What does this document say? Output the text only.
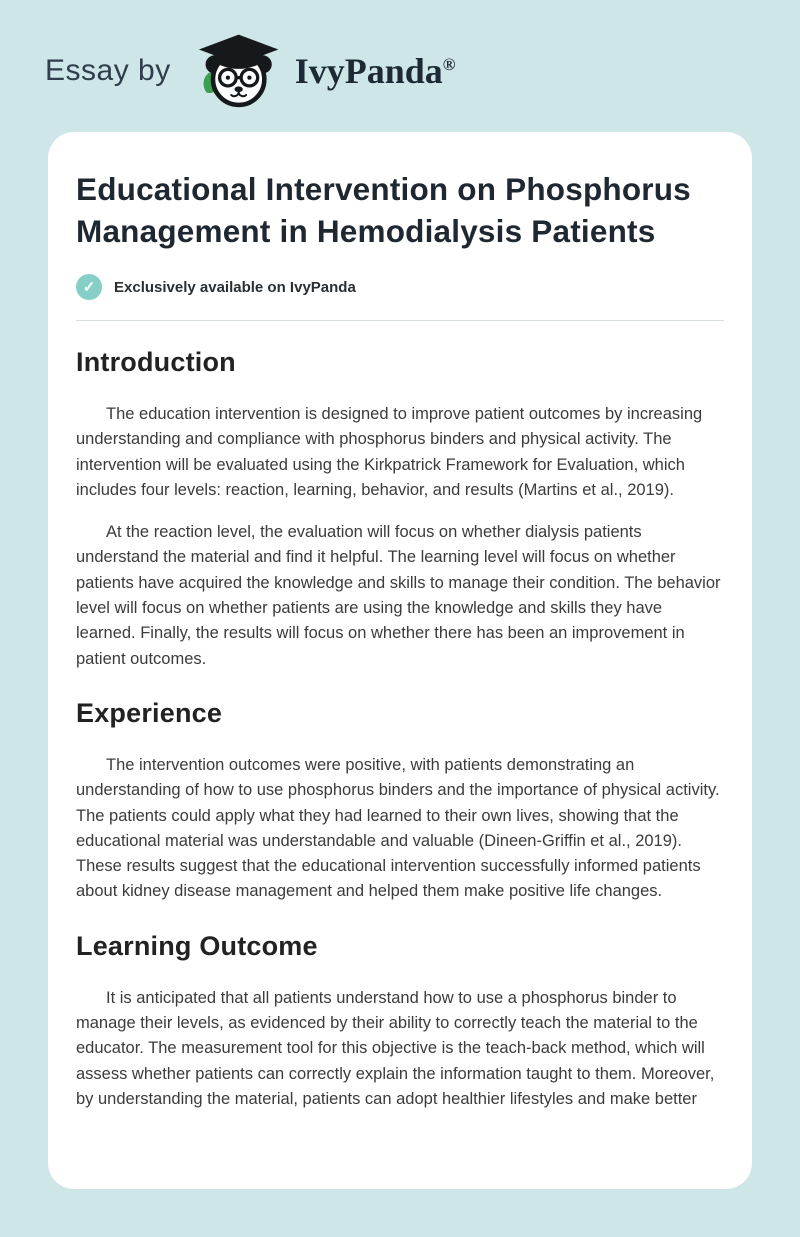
Essay by	IvyPanda®
Educational Intervention on Phosphorus Management in Hemodialysis Patients
✓	Exclusively available on IvyPanda
Introduction

The education intervention is designed to improve patient outcomes by increasing understanding and compliance with phosphorus binders and physical activity. The intervention will be evaluated using the Kirkpatrick Framework for Evaluation, which includes four levels: reaction, learning, behavior, and results (Martins et al., 2019).

At the reaction level, the evaluation will focus on whether dialysis patients understand the material and find it helpful. The learning level will focus on whether patients have acquired the knowledge and skills to manage their condition. The behavior level will focus on whether patients are using the knowledge and skills they have learned. Finally, the results will focus on whether there has been an improvement in patient outcomes.

Experience

The intervention outcomes were positive, with patients demonstrating an understanding of how to use phosphorus binders and the importance of physical activity. The patients could apply what they had learned to their own lives, showing that the educational material was understandable and valuable (Dineen-Griffin et al., 2019). These results suggest that the educational intervention successfully informed patients about kidney disease management and helped them make positive life changes.

Learning Outcome

It is anticipated that all patients understand how to use a phosphorus binder to manage their levels, as evidenced by their ability to correctly teach the material to the educator. The measurement tool for this objective is the teach-back method, which will assess whether patients can correctly explain the information taught to them. Moreover, by understanding the material, patients can adopt healthier lifestyles and make better
